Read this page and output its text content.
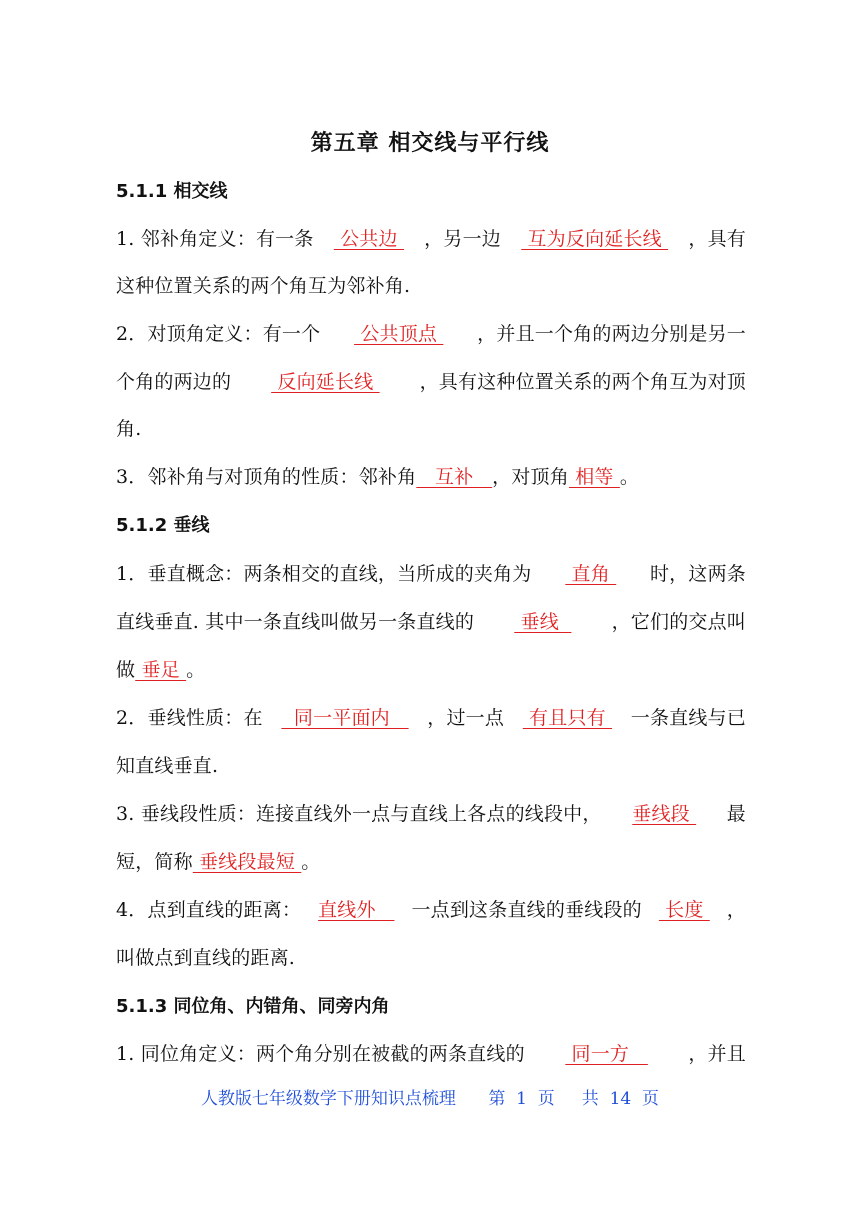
第五章 相交线与平行线
5.1.1 相交线
1. 邻补角定义：有一条 公共边 ，另一边 互为反向延长线 ，具有
这种位置关系的两个角互为邻补角.
2．对顶角定义：有一个 公共顶点 ，并且一个角的两边分别是另一
个角的两边的 反向延长线 ，具有这种位置关系的两个角互为对顶
角.
3．邻补角与对顶角的性质：邻补角   互补   ，对顶角 相等 。
5.1.2 垂线
1．垂直概念：两条相交的直线，当所成的夹角为 直角 时，这两条
直线垂直. 其中一条直线叫做另一条直线的 垂线 ，它们的交点叫
做 垂足 。
2．垂线性质：在 同一平面内 ，过一点 有且只有 一条直线与已
知直线垂直.
3. 垂线段性质：连接直线外一点与直线上各点的线段中， 垂线段 最
短，简称 垂线段最短 。
4．点到直线的距离： 直线外 一点到这条直线的垂线段的 长度 ，
叫做点到直线的距离.
5.1.3 同位角、内错角、同旁内角
1. 同位角定义：两个角分别在被截的两条直线的 同一方 ，并且
人教版七年级数学下册知识点梳理      第  1  页     共  14  页
